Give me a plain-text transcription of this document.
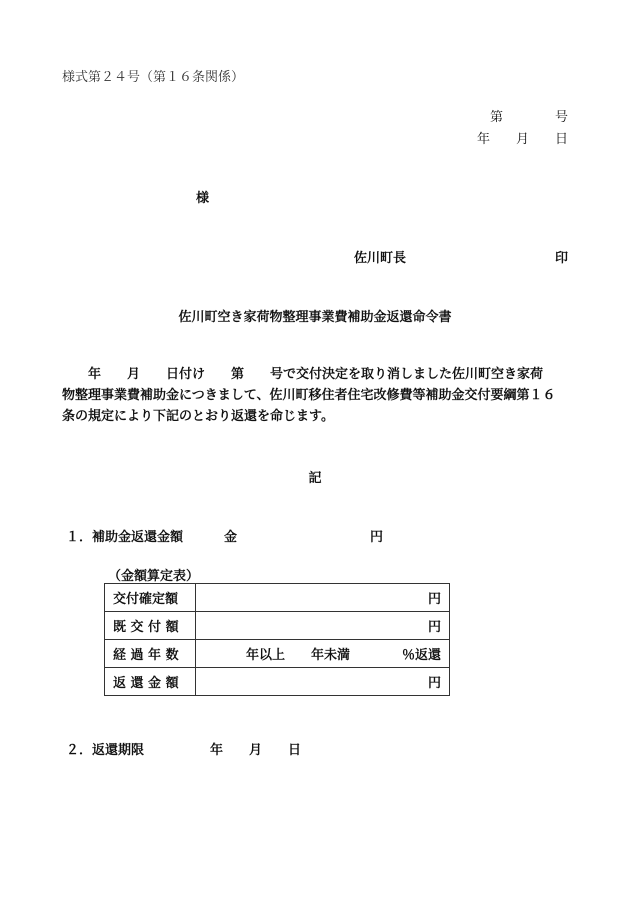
様式第２４号（第１６条関係）
第　　　　号
年　　月　　日
様
佐川町長	印
佐川町空き家荷物整理事業費補助金返還命令書

　　年　　月　　日付け　　第　　号で交付決定を取り消しました佐川町空き家荷

物整理事業費補助金につきまして、佐川町移住者住宅改修費等補助金交付要綱第１６

条の規定により下記のとおり返還を命じます。

記
１．補助金返還金額	金	円
（金額算定表）
交付確定額	円
既 交 付 額	円
経 過 年 数	年以上　　年未満　　　　％返還
返 還 金 額	円
２．返還期限	年　　月　　日
